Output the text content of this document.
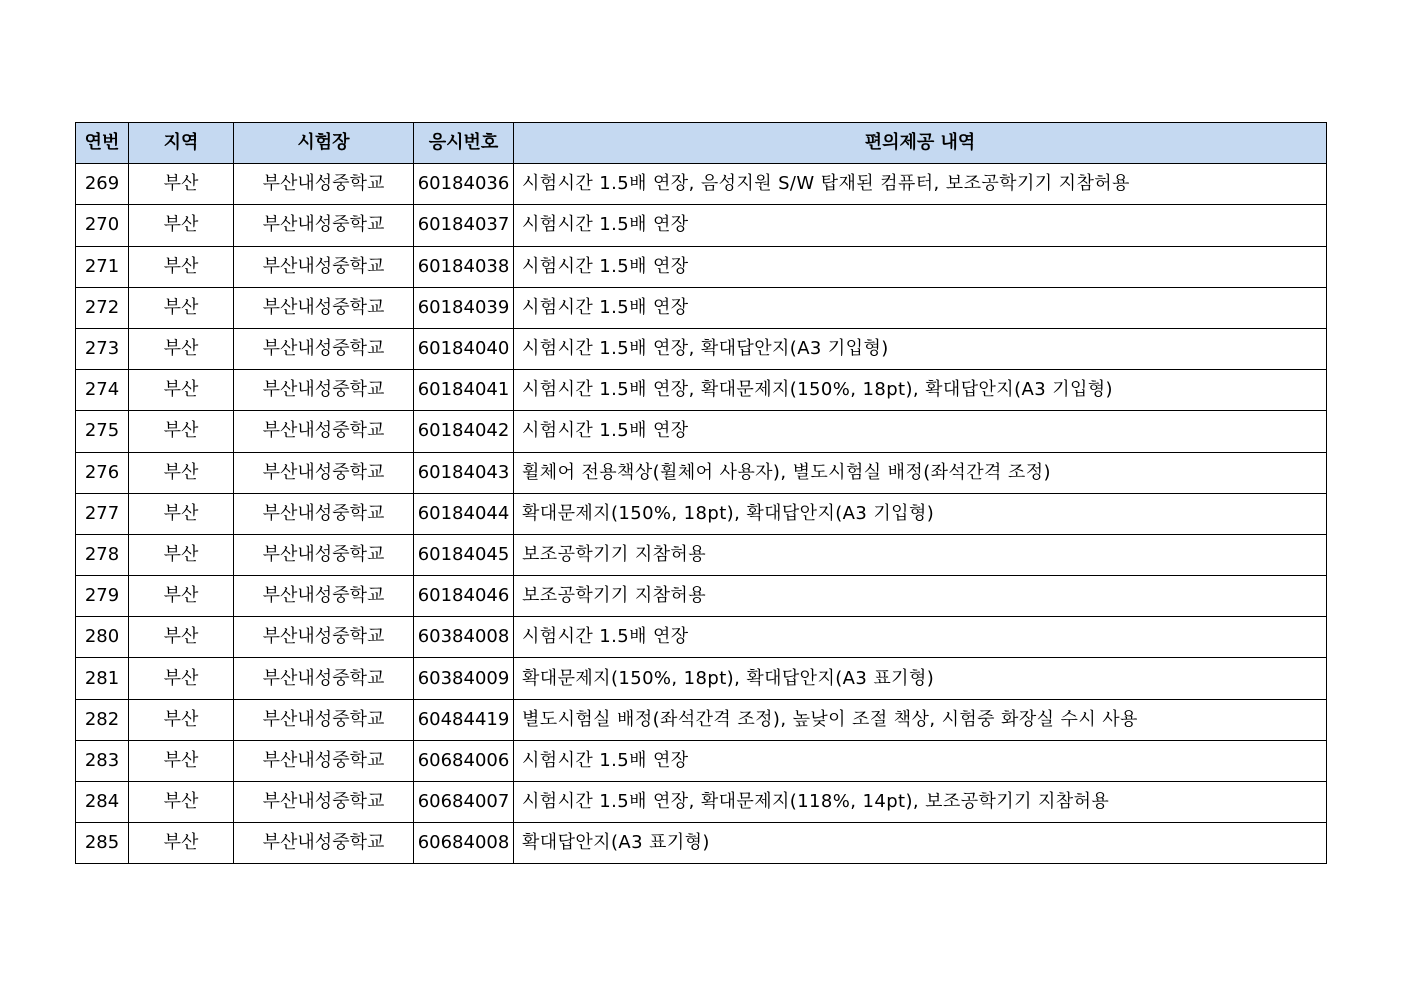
연번	지역	시험장	응시번호	편의제공 내역
269	부산	부산내성중학교	60184036	시험시간 1.5배 연장, 음성지원 S/W 탑재된 컴퓨터, 보조공학기기 지참허용
270	부산	부산내성중학교	60184037	시험시간 1.5배 연장
271	부산	부산내성중학교	60184038	시험시간 1.5배 연장
272	부산	부산내성중학교	60184039	시험시간 1.5배 연장
273	부산	부산내성중학교	60184040	시험시간 1.5배 연장, 확대답안지(A3 기입형)
274	부산	부산내성중학교	60184041	시험시간 1.5배 연장, 확대문제지(150%, 18pt), 확대답안지(A3 기입형)
275	부산	부산내성중학교	60184042	시험시간 1.5배 연장
276	부산	부산내성중학교	60184043	휠체어 전용책상(휠체어 사용자), 별도시험실 배정(좌석간격 조정)
277	부산	부산내성중학교	60184044	확대문제지(150%, 18pt), 확대답안지(A3 기입형)
278	부산	부산내성중학교	60184045	보조공학기기 지참허용
279	부산	부산내성중학교	60184046	보조공학기기 지참허용
280	부산	부산내성중학교	60384008	시험시간 1.5배 연장
281	부산	부산내성중학교	60384009	확대문제지(150%, 18pt), 확대답안지(A3 표기형)
282	부산	부산내성중학교	60484419	별도시험실 배정(좌석간격 조정), 높낮이 조절 책상, 시험중 화장실 수시 사용
283	부산	부산내성중학교	60684006	시험시간 1.5배 연장
284	부산	부산내성중학교	60684007	시험시간 1.5배 연장, 확대문제지(118%, 14pt), 보조공학기기 지참허용
285	부산	부산내성중학교	60684008	확대답안지(A3 표기형)
